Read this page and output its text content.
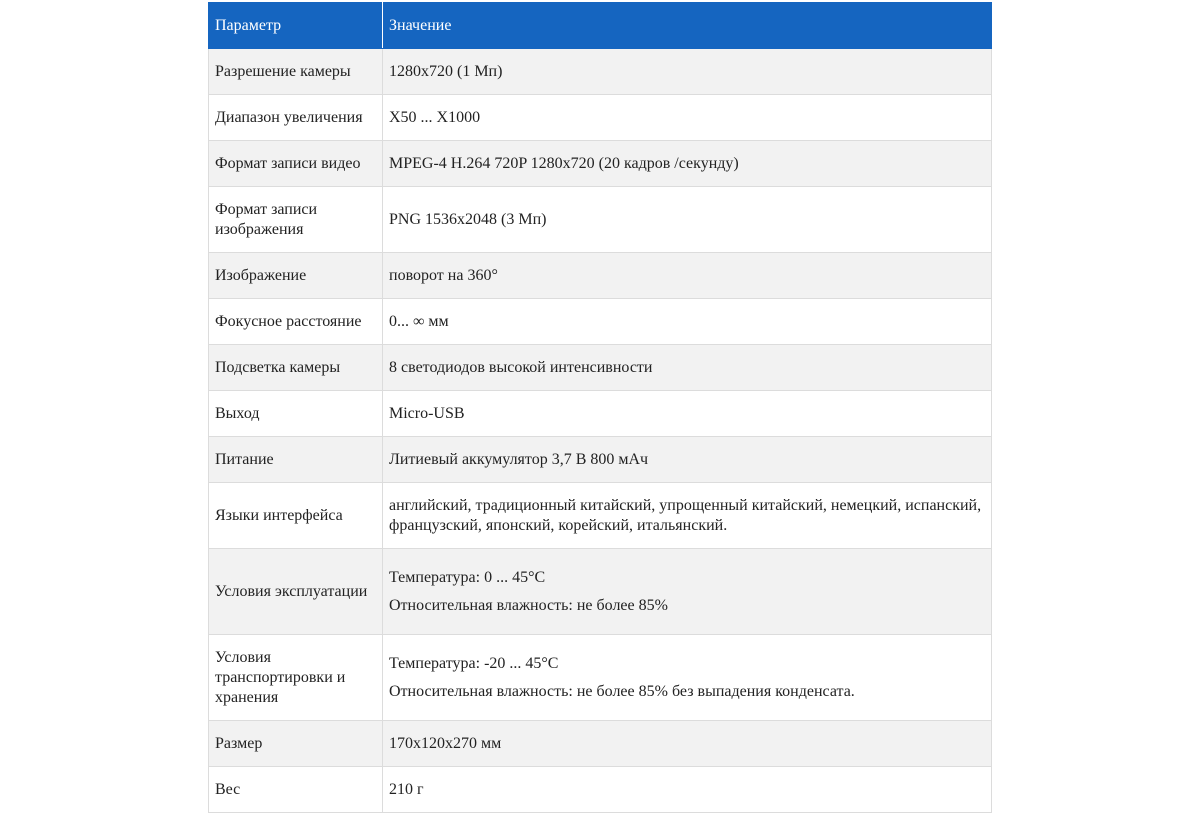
Параметр	Значение
Разрешение камеры	1280x720 (1 Мп)

Диапазон увеличения	X50 ... X1000

Формат записи видео	MPEG-4 H.264 720P 1280x720 (20 кадров /секунду)

Формат записи изображения	PNG 1536x2048 (3 Мп)

Изображение	поворот на 360°

Фокусное расстояние	0... ∞ мм

Подсветка камеры	8 светодиодов высокой интенсивности

Выход	Micro-USB

Питание	Литиевый аккумулятор 3,7 В 800 мАч

Языки интерфейса	английский, традиционный китайский, упрощенный китайский, немецкий, испанский, французский, японский, корейский, итальянский.

Условия эксплуатации	Температура: 0 ... 45°C
Относительная влажность: не более 85%

Условия транспортировки и хранения	Температура: -20 ... 45°C
Относительная влажность: не более 85% без выпадения конденсата.

Размер	170x120x270 мм

Вес	210 г
